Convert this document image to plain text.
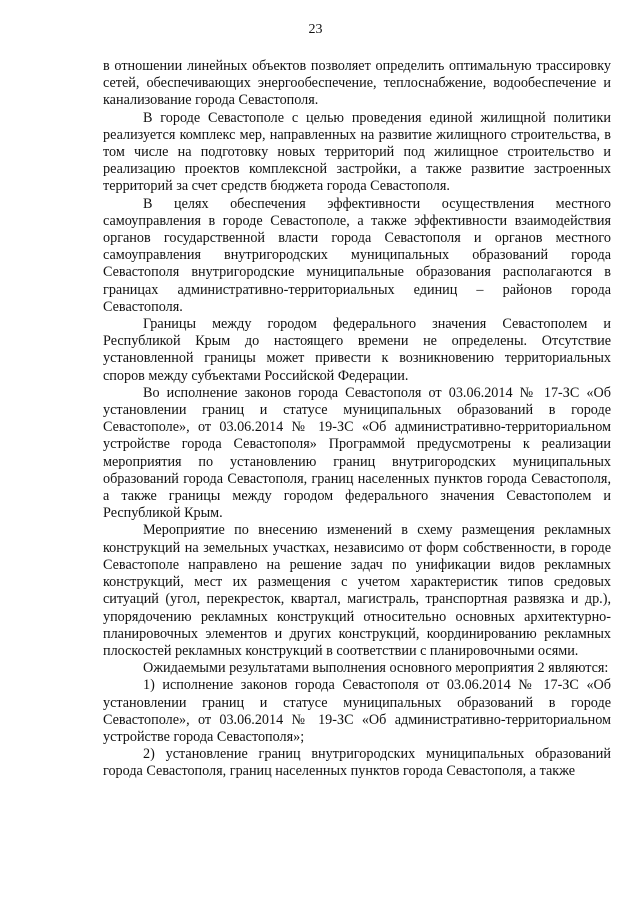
23

в отношении линейных объектов позволяет определить оптимальную трассировку сетей, обеспечивающих энергообеспечение, теплоснабжение, водообеспечение и канализование города Севастополя.

В городе Севастополе с целью проведения единой жилищной политики реализуется комплекс мер, направленных на развитие жилищного строительства, в том числе на подготовку новых территорий под жилищное строительство и реализацию проектов комплексной застройки, а также развитие застроенных территорий за счет средств бюджета города Севастополя.

В целях обеспечения эффективности осуществления местного самоуправления в городе Севастополе, а также эффективности взаимодействия органов государственной власти города Севастополя и органов местного самоуправления внутригородских муниципальных образований города Севастополя внутригородские муниципальные образования располагаются в границах административно-территориальных единиц – районов города Севастополя.

Границы между городом федерального значения Севастополем и Республикой Крым до настоящего времени не определены. Отсутствие установленной границы может привести к возникновению территориальных споров между субъектами Российской Федерации.

Во исполнение законов города Севастополя от 03.06.2014 № 17-ЗС «Об установлении границ и статусе муниципальных образований в городе Севастополе», от 03.06.2014 № 19-ЗС «Об административно-территориальном устройстве города Севастополя» Программой предусмотрены к реализации мероприятия по установлению границ внутригородских муниципальных образований города Севастополя, границ населенных пунктов города Севастополя, а также границы между городом федерального значения Севастополем и Республикой Крым.

Мероприятие по внесению изменений в схему размещения рекламных конструкций на земельных участках, независимо от форм собственности, в городе Севастополе направлено на решение задач по унификации видов рекламных конструкций, мест их размещения с учетом характеристик типов средовых ситуаций (угол, перекресток, квартал, магистраль, транспортная развязка и др.), упорядочению рекламных конструкций относительно основных архитектурно-планировочных элементов и других конструкций, координированию рекламных плоскостей рекламных конструкций в соответствии с планировочными осями.

Ожидаемыми результатами выполнения основного мероприятия 2 являются:

1) исполнение законов города Севастополя от 03.06.2014 № 17-ЗС «Об установлении границ и статусе муниципальных образований в городе Севастополе», от 03.06.2014 № 19-ЗС «Об административно-территориальном устройстве города Севастополя»;

2) установление границ внутригородских муниципальных образований города Севастополя, границ населенных пунктов города Севастополя, а также
